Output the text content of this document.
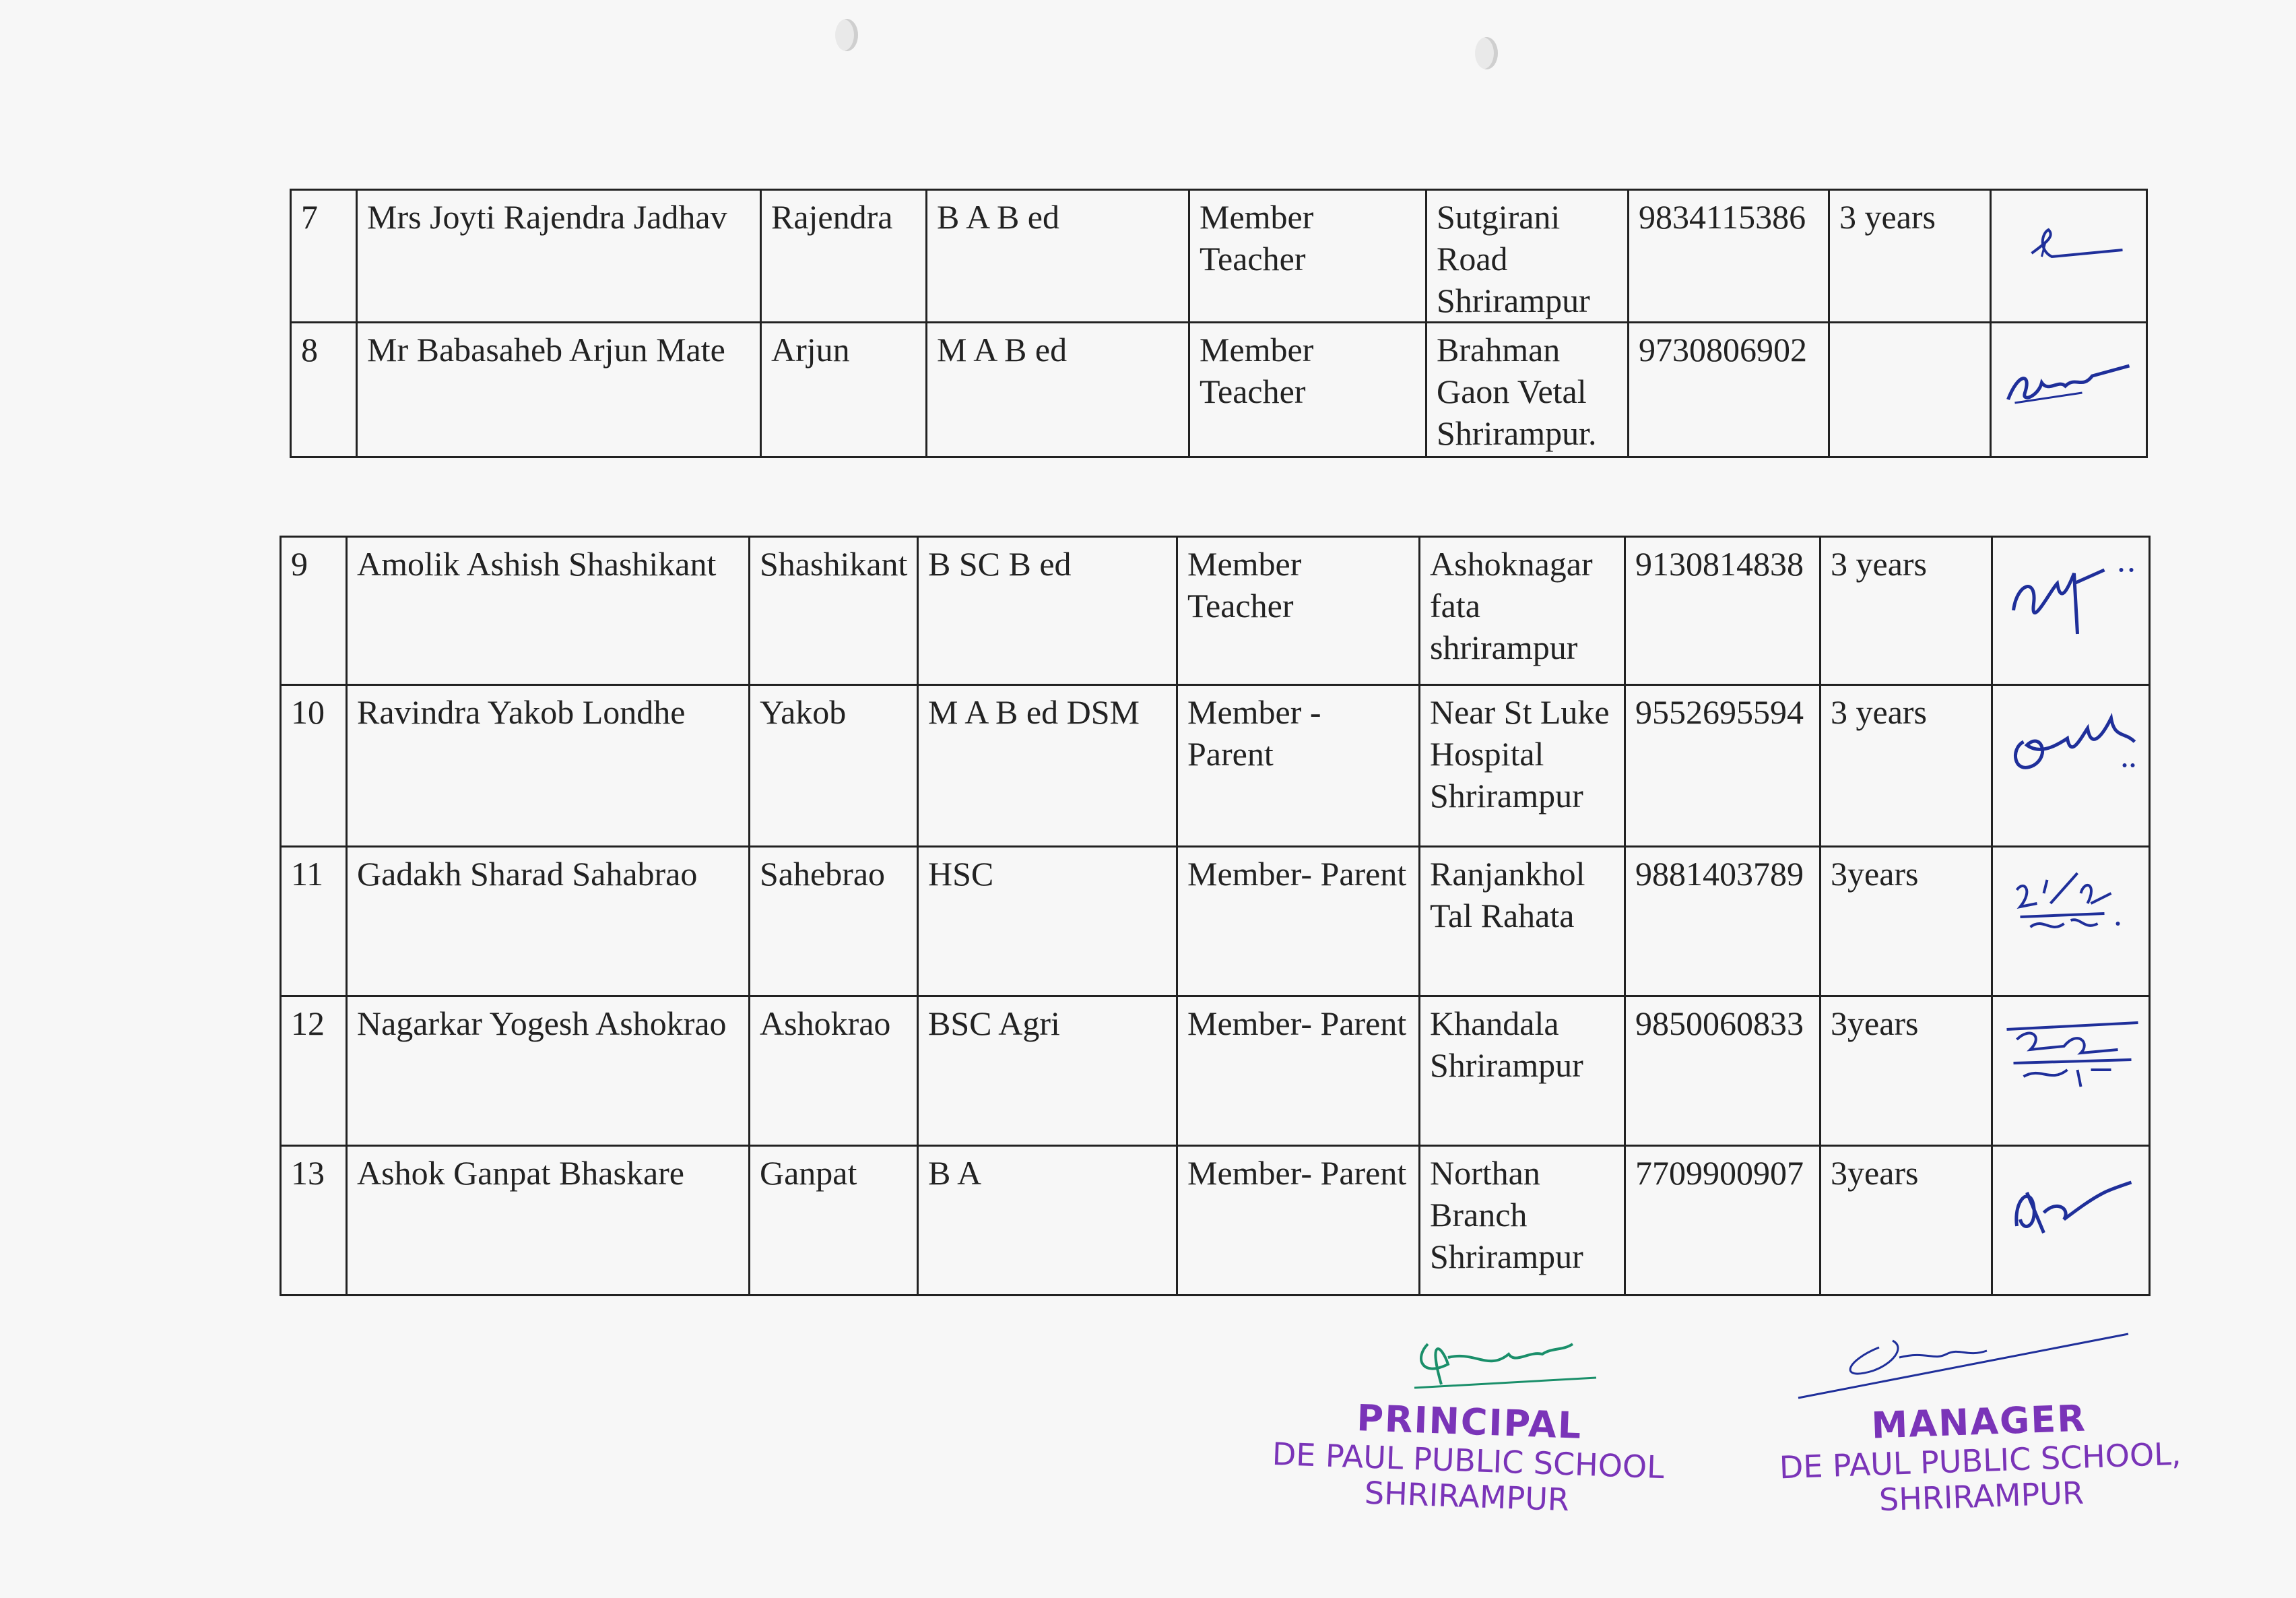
7	Mrs Joyti Rajendra Jadhav	Rajendra	B A B ed	Member Teacher	Sutgirani Road Shrirampur	9834115386	3 years	

8	Mr Babasaheb Arjun Mate	Arjun	M A B ed	Member Teacher	Brahman Gaon Vetal Shrirampur.	9730806902		
9	Amolik Ashish Shashikant	Shashikant	B SC B ed	Member Teacher	Ashoknagar fata shrirampur	9130814838	3 years	

10	Ravindra Yakob Londhe	Yakob	M A B ed DSM	Member - Parent	Near St Luke Hospital Shrirampur	9552695594	3 years	

11	Gadakh Sharad Sahabrao	Sahebrao	HSC	Member- Parent	Ranjankhol Tal Rahata	9881403789	3years	

12	Nagarkar Yogesh Ashokrao	Ashokrao	BSC Agri	Member- Parent	Khandala Shrirampur	9850060833	3years	

13	Ashok Ganpat Bhaskare	Ganpat	B A	Member- Parent	Northan Branch Shrirampur	7709900907	3years	
PRINCIPAL
DE PAUL PUBLIC SCHOOL
SHRIRAMPUR
MANAGER
DE PAUL PUBLIC SCHOOL,
SHRIRAMPUR
